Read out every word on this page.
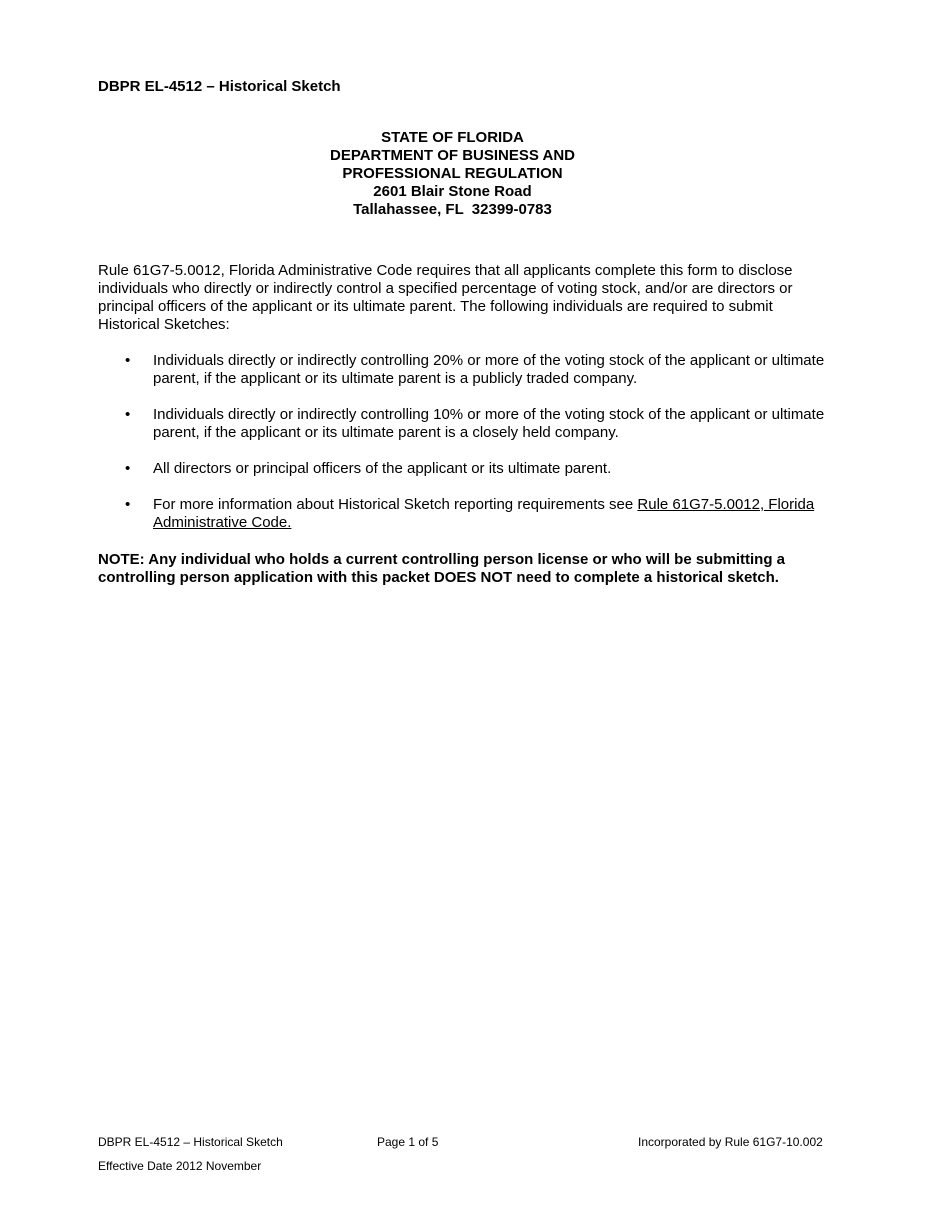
DBPR EL-4512 – Historical Sketch
STATE OF FLORIDA
DEPARTMENT OF BUSINESS AND
PROFESSIONAL REGULATION
2601 Blair Stone Road
Tallahassee, FL  32399-0783

Rule 61G7-5.0012, Florida Administrative Code requires that all applicants complete this form to disclose individuals who directly or indirectly control a specified percentage of voting stock, and/or are directors or principal officers of the applicant or its ultimate parent. The following individuals are required to submit Historical Sketches:

• Individuals directly or indirectly controlling 20% or more of the voting stock of the applicant or ultimate parent, if the applicant or its ultimate parent is a publicly traded company.
• Individuals directly or indirectly controlling 10% or more of the voting stock of the applicant or ultimate parent, if the applicant or its ultimate parent is a closely held company.
• All directors or principal officers of the applicant or its ultimate parent.
• For more information about Historical Sketch reporting requirements see Rule 61G7-5.0012, Florida Administrative Code.

NOTE: Any individual who holds a current controlling person license or who will be submitting a controlling person application with this packet DOES NOT need to complete a historical sketch.

DBPR EL-4512 – Historical Sketch	Page 1 of 5	Incorporated by Rule 61G7-10.002
Effective Date 2012 November
